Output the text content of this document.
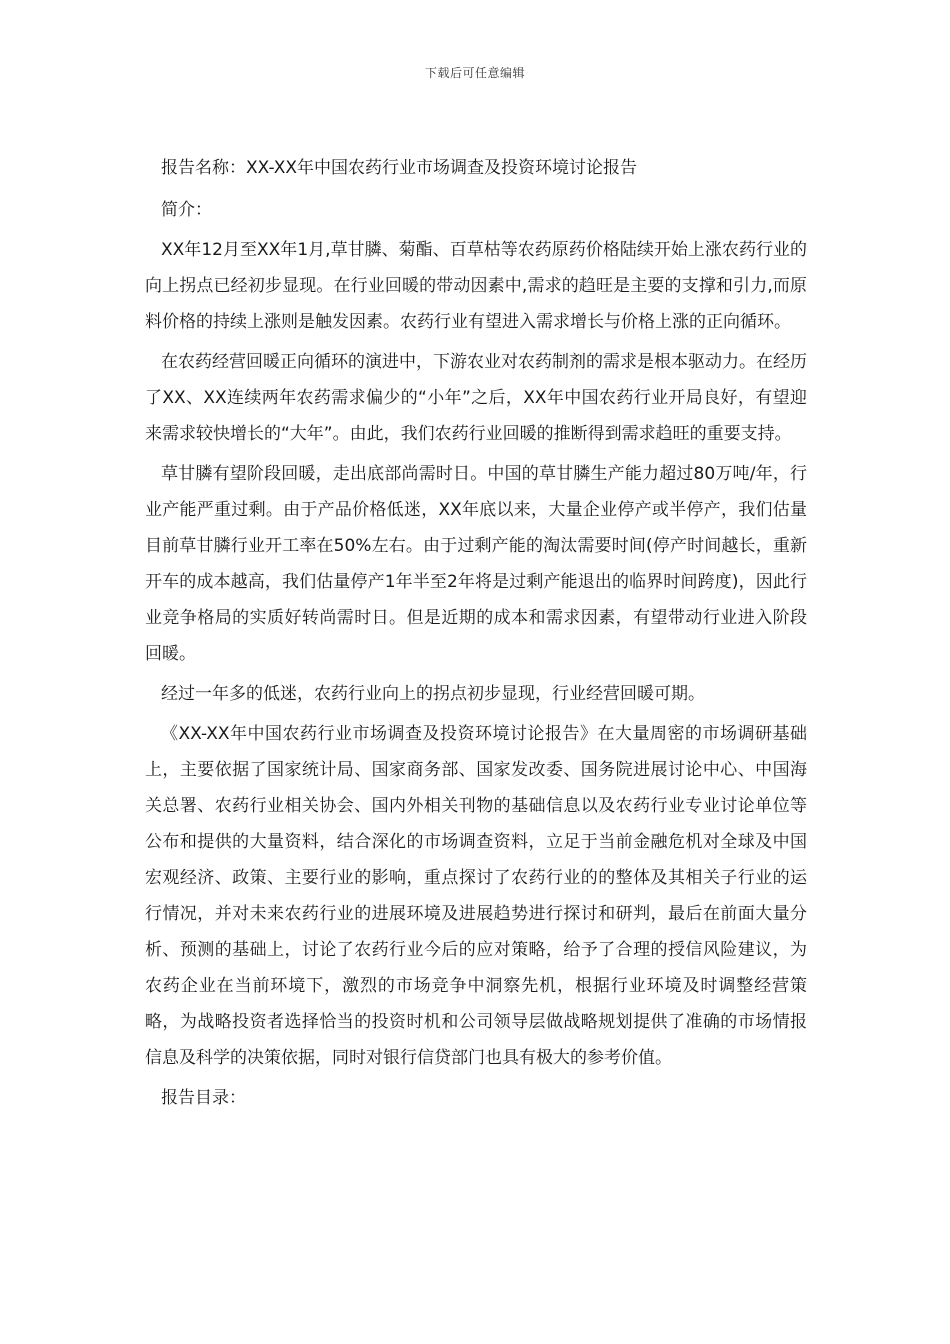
下载后可任意编辑

报告名称：XX-XX年中国农药行业市场调查及投资环境讨论报告

简介：

XX年12月至XX年1月,草甘膦、菊酯、百草枯等农药原药价格陆续开始上涨农药行业的向上拐点已经初步显现。在行业回暖的带动因素中,需求的趋旺是主要的支撑和引力,而原料价格的持续上涨则是触发因素。农药行业有望进入需求增长与价格上涨的正向循环。

在农药经营回暖正向循环的演进中，下游农业对农药制剂的需求是根本驱动力。在经历了XX、XX连续两年农药需求偏少的“小年”之后，XX年中国农药行业开局良好，有望迎来需求较快增长的“大年”。由此，我们农药行业回暖的推断得到需求趋旺的重要支持。

草甘膦有望阶段回暖，走出底部尚需时日。中国的草甘膦生产能力超过80万吨/年，行业产能严重过剩。由于产品价格低迷，XX年底以来，大量企业停产或半停产，我们估量目前草甘膦行业开工率在50%左右。由于过剩产能的淘汰需要时间(停产时间越长，重新开车的成本越高，我们估量停产1年半至2年将是过剩产能退出的临界时间跨度)，因此行业竞争格局的实质好转尚需时日。但是近期的成本和需求因素，有望带动行业进入阶段回暖。

经过一年多的低迷，农药行业向上的拐点初步显现，行业经营回暖可期。

《XX-XX年中国农药行业市场调查及投资环境讨论报告》在大量周密的市场调研基础上，主要依据了国家统计局、国家商务部、国家发改委、国务院进展讨论中心、中国海关总署、农药行业相关协会、国内外相关刊物的基础信息以及农药行业专业讨论单位等公布和提供的大量资料，结合深化的市场调查资料，立足于当前金融危机对全球及中国宏观经济、政策、主要行业的影响，重点探讨了农药行业的的整体及其相关子行业的运行情况，并对未来农药行业的进展环境及进展趋势进行探讨和研判，最后在前面大量分析、预测的基础上，讨论了农药行业今后的应对策略，给予了合理的授信风险建议，为农药企业在当前环境下，激烈的市场竞争中洞察先机，根据行业环境及时调整经营策略，为战略投资者选择恰当的投资时机和公司领导层做战略规划提供了准确的市场情报信息及科学的决策依据，同时对银行信贷部门也具有极大的参考价值。

报告目录：
